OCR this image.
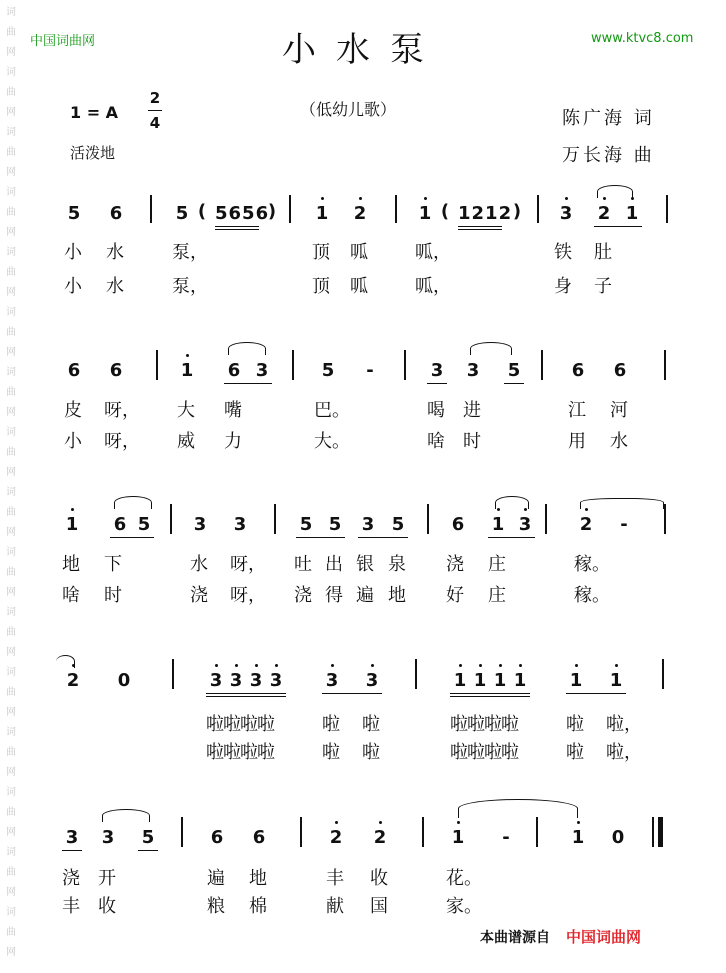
词
曲
网
词
曲
网
词
曲
网
词
曲
网
词
曲
网
词
曲
网
词
曲
网
词
曲
网
词
曲
网
词
曲
网
词
曲
网
词
曲
网
词
曲
网
词
曲
网
词
曲
网
词
曲
网
中国词曲网	www.ktvc8.com
小水泵
（低幼儿歌）
1 = A
2
4
活泼地
陈广海 词
万长海 曲
5 6	5 ( 5656
)	1 2	1 ( 1212 )	3 2 1
小 水	泵，	顶 呱	呱，	铁 肚
小 水	泵，	顶 呱	呱，	身 子
6 6	1 6 3	5	-	3 3 5	6 6
皮 呀， 大 嘴	巴。	喝 进	江 河
小 呀， 威 力	大。	啥 时	用 水
1 6 5 3 3	5 5 3 5	6 1 3	2	-
地 下	水 呀， 吐 出 银 泉 浇 庄	稼。
啥 时	浇 呀， 浇 得 遍 地 好 庄	稼。
2 0	3 3 3 3 3 3	1 1 1 1 1 1
啦啦啦啦	啦 啦	啦啦啦啦	啦 啦，
啦啦啦啦	啦 啦	啦啦啦啦	啦 啦，
3 3 5	6 6	2 2	1	-	1 0
浇 开	遍 地	丰 收	花。
丰 收	粮 棉	献 国	家。
本曲谱源自 中国词曲网
